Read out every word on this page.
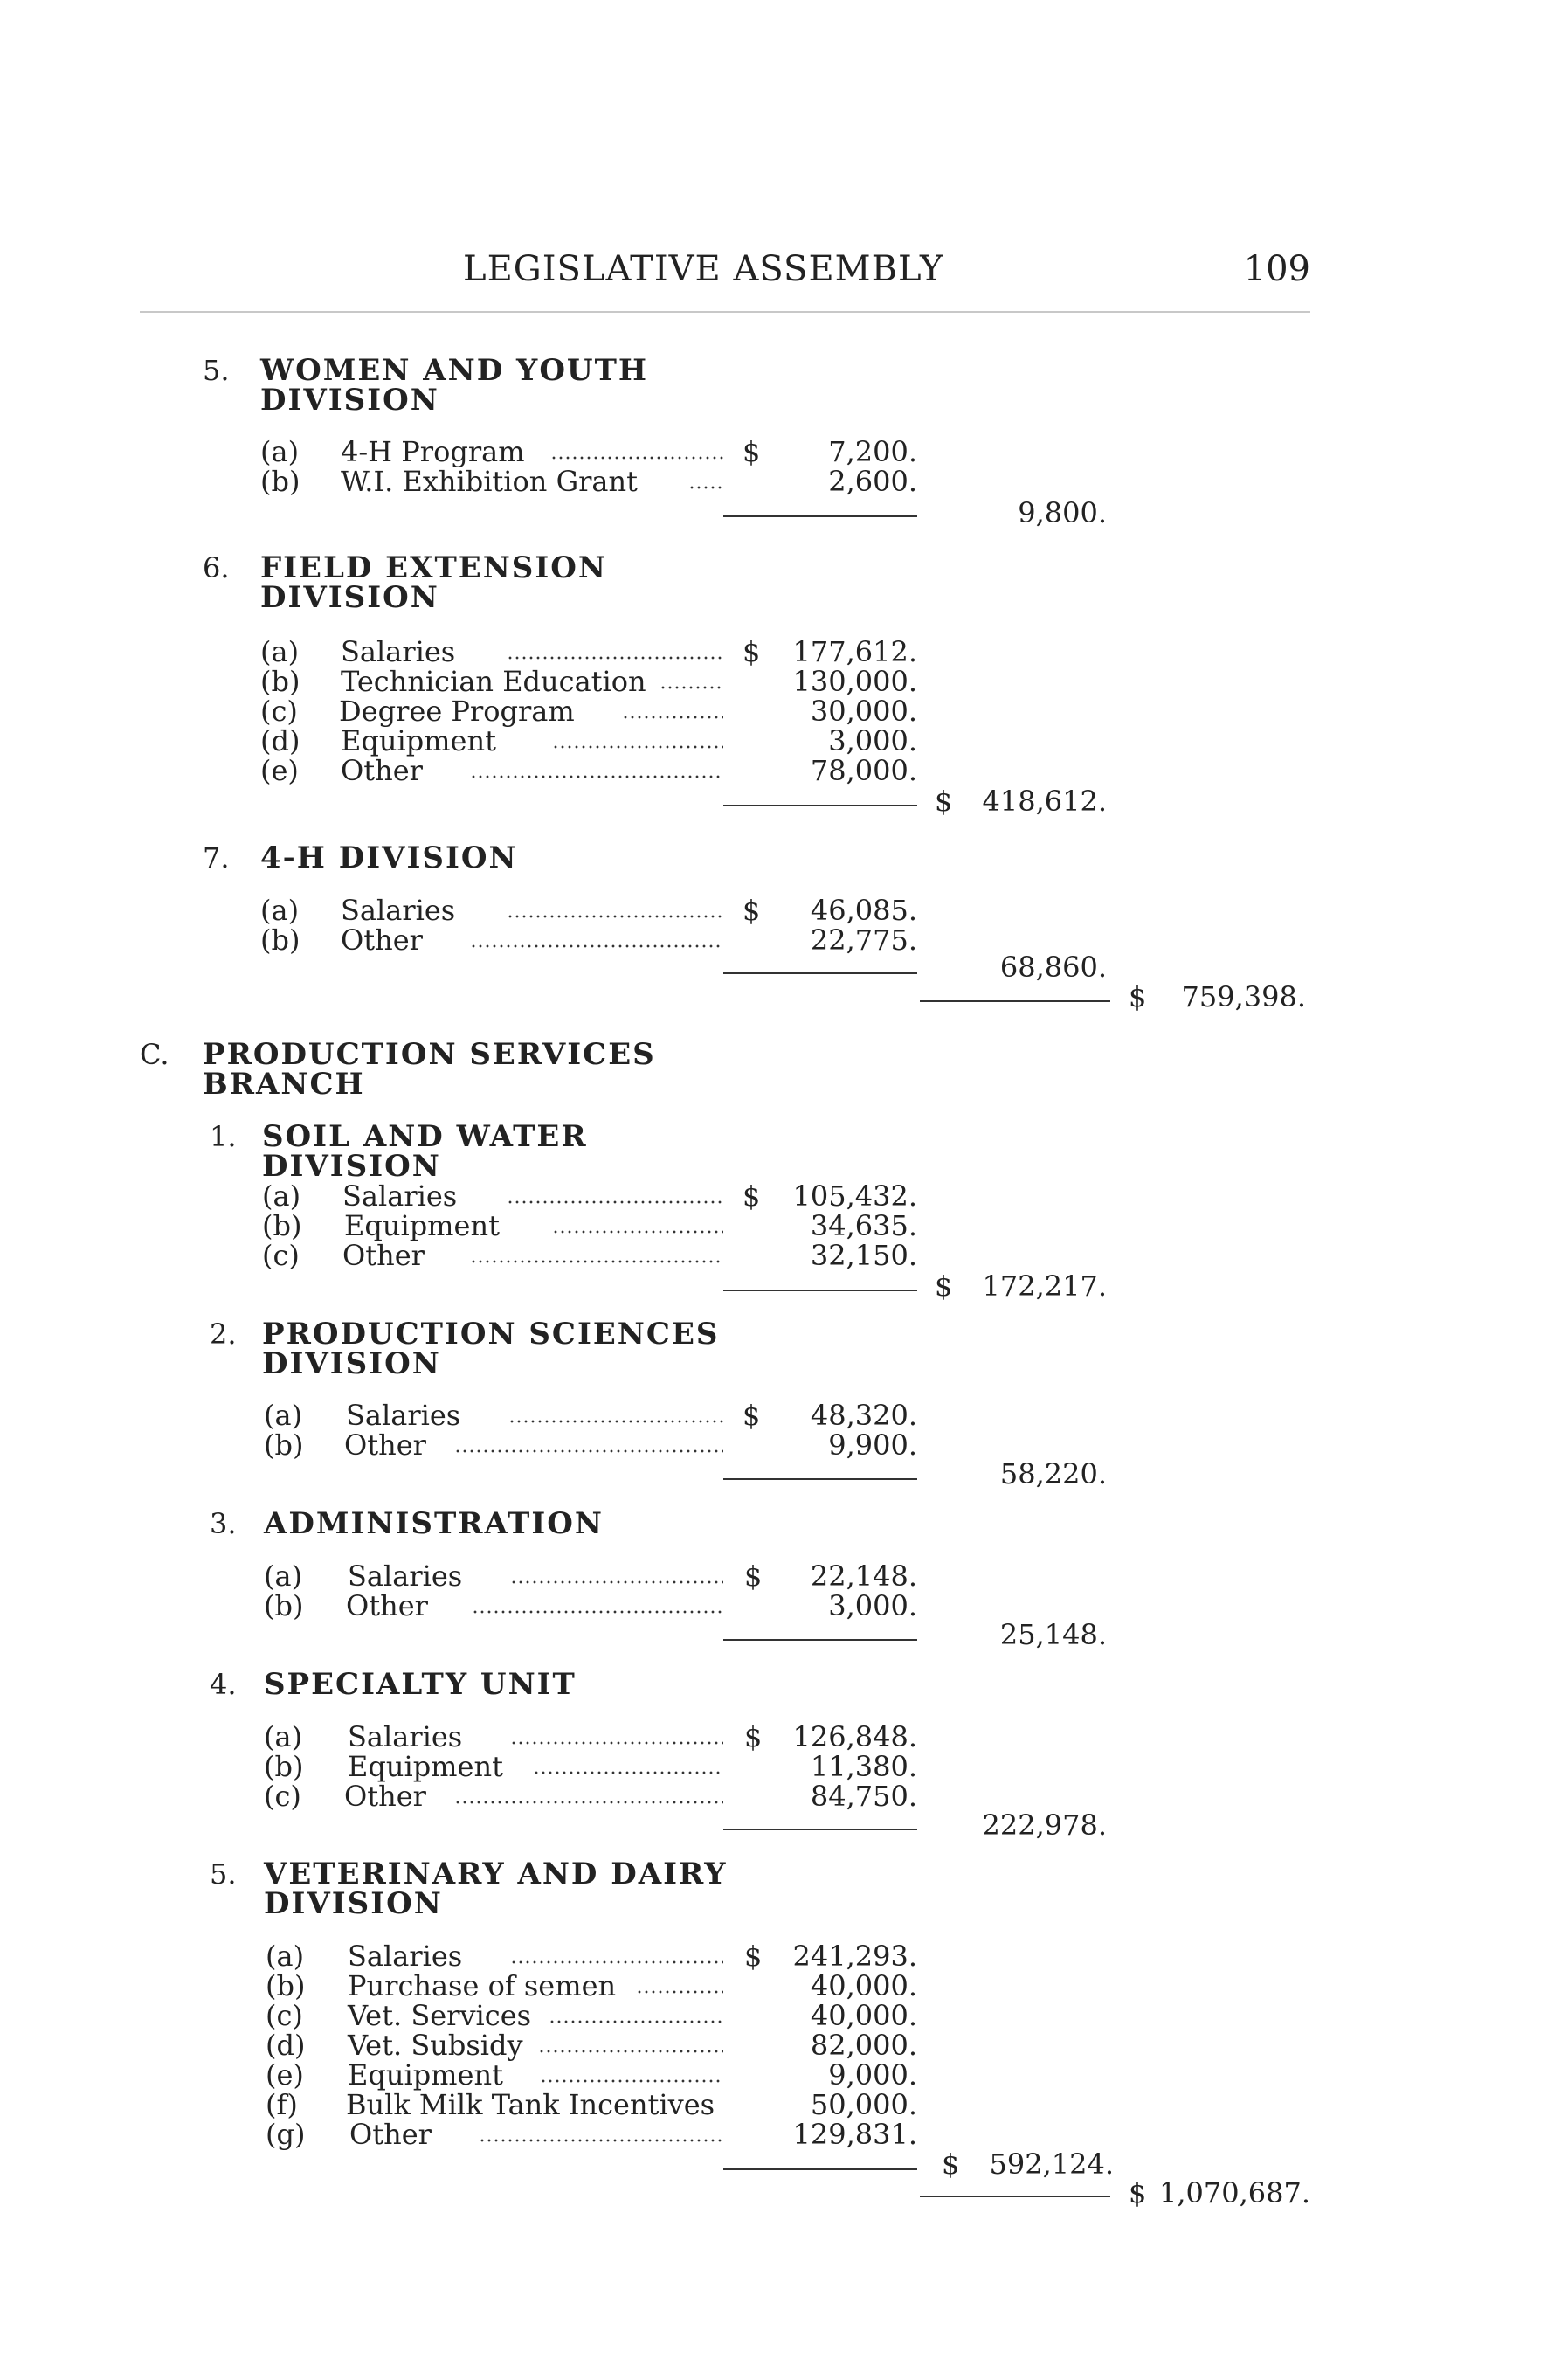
LEGISLATIVE ASSEMBLY	109
5. WOMEN AND YOUTH
DIVISION
(a) 4-H Program	$ 7,200.
(b) W.I. Exhibition Grant	2,600.
9,800.
6. FIELD EXTENSION
DIVISION
(a) Salaries	$ 177,612.
(b) Technician Education	130,000.
(c) Degree Program	30,000.
(d) Equipment	3,000.
(e) Other	78,000.
$ 418,612.
7. 4-H DIVISION
(a) Salaries	$ 46,085.
(b) Other	22,775.
68,860.
$ 759,398.
C. PRODUCTION SERVICES
BRANCH
1. SOIL AND WATER
DIVISION
(a) Salaries	$ 105,432.
(b) Equipment	34,635.
(c) Other	32,150.
$ 172,217.
2. PRODUCTION SCIENCES
DIVISION
(a) Salaries	$ 48,320.
(b) Other	9,900.
58,220.
3. ADMINISTRATION
(a) Salaries	$ 22,148.
(b) Other	3,000.
25,148.
4. SPECIALTY UNIT
(a) Salaries	$ 126,848.
(b) Equipment	11,380.
(c) Other	84,750.
222,978.
5. VETERINARY AND DAIRY
DIVISION
(a) Salaries	$ 241,293.
(b) Purchase of semen	40,000.
(c) Vet. Services	40,000.
(d) Vet. Subsidy	82,000.
(e) Equipment	9,000.
(f) Bulk Milk Tank Incentives	50,000.
(g) Other	129,831.
$ 592,124.
$ 1,070,687.
